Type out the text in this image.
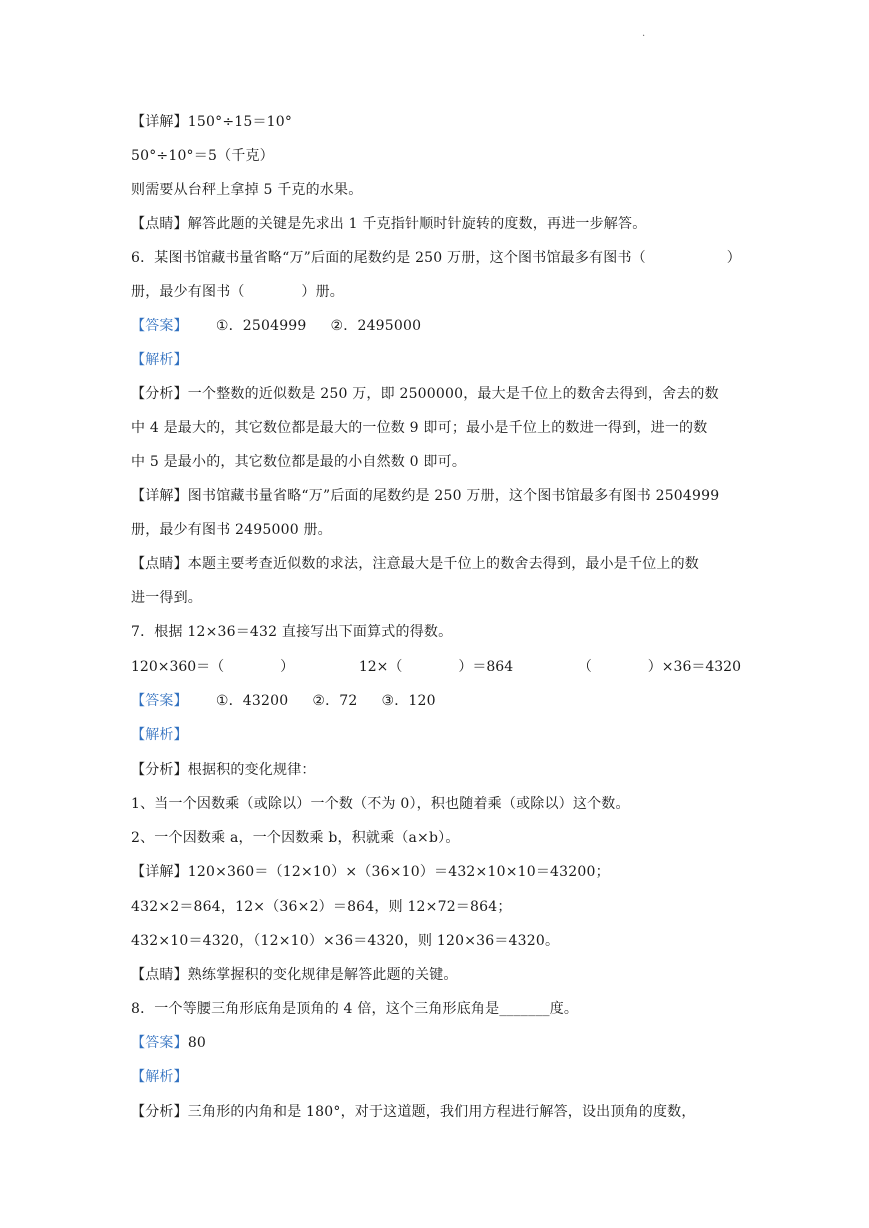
.
【详解】150°÷15＝10°
50°÷10°＝5（千克）
则需要从台秤上拿掉 5 千克的水果。
【点睛】解答此题的关键是先求出 1 千克指针顺时针旋转的度数，再进一步解答。
6．某图书馆藏书量省略“万”后面的尾数约是 250 万册，这个图书馆最多有图书（	）
册，最少有图书（　　　　）册。
【答案】 ①．2504999 ②．2495000
【解析】
【分析】一个整数的近似数是 250 万，即 2500000，最大是千位上的数舍去得到，舍去的数
中 4 是最大的，其它数位都是最大的一位数 9 即可；最小是千位上的数进一得到，进一的数
中 5 是最小的，其它数位都是最的小自然数 0 即可。
【详解】图书馆藏书量省略“万”后面的尾数约是 250 万册，这个图书馆最多有图书 2504999
册，最少有图书 2495000 册。
【点睛】本题主要考查近似数的求法，注意最大是千位上的数舍去得到，最小是千位上的数
进一得到。
7．根据 12×36＝432 直接写出下面算式的得数。
120×360＝（　　　　）	12×（　　　　）＝864	（　　　　）×36＝4320
【答案】 ①．43200 ②．72 ③．120
【解析】
【分析】根据积的变化规律：
1、当一个因数乘（或除以）一个数（不为 0），积也随着乘（或除以）这个数。
2、一个因数乘 a，一个因数乘 b，积就乘（a×b）。
【详解】120×360＝（12×10）×（36×10）＝432×10×10＝43200；
432×2＝864，12×（36×2）＝864，则 12×72＝864；
432×10＝4320，（12×10）×36＝4320，则 120×36＝4320。
【点睛】熟练掌握积的变化规律是解答此题的关键。
8．一个等腰三角形底角是顶角的 4 倍，这个三角形底角是_______度。
【答案】80
【解析】
【分析】三角形的内角和是 180°，对于这道题，我们用方程进行解答，设出顶角的度数，
